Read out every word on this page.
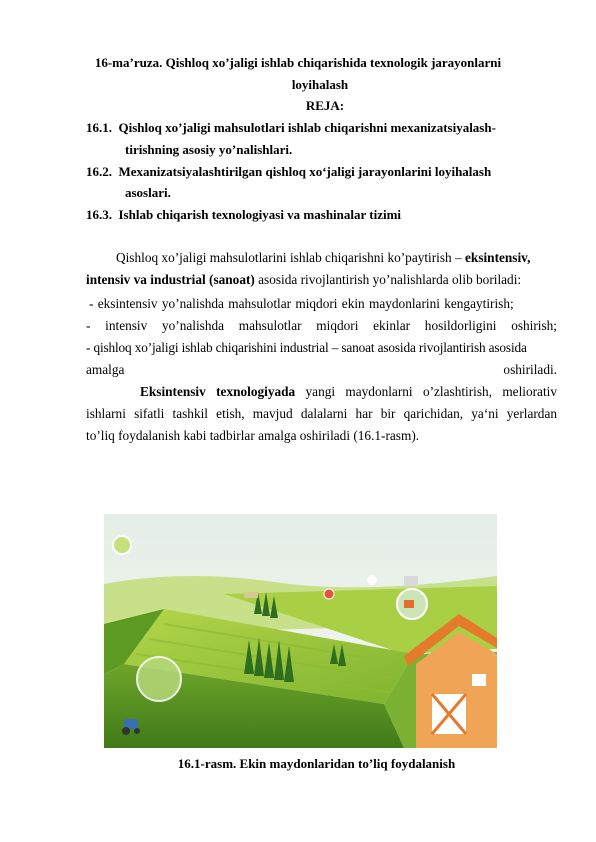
16-ma’ruza. Qishloq xo’jaligi ishlab chiqarishida texnologik jarayonlarni
loyihalash
REJA:
16.1. Qishloq xo’jaligi mahsulotlari ishlab chiqarishni mexanizatsiyalash-
tirishning asosiy yo’nalishlari.
16.2. Mexanizatsiyalashtirilgan qishloq xoʻjaligi jarayonlarini loyihalash
asoslari.
16.3. Ishlab chiqarish texnologiyasi va mashinalar tizimi
Qishloq xo’jaligi mahsulotlarini ishlab chiqarishni ko’paytirish – eksintensiv,
intensiv va industrial (sanoat) asosida rivojlantirish yo’nalishlarda olib boriladi:
- eksintensiv yo’nalishda mahsulotlar miqdori ekin maydonlarini kengaytirish;
- intensiv yo’nalishda mahsulotlar miqdori ekinlar hosildorligini oshirish;
- qishloq xo’jaligi ishlab chiqarishini industrial – sanoat asosida rivojlantirish asosida
amalga oshiriladi.
Eksintensiv texnologiyada yangi maydonlarni o’zlashtirish, meliorativ
ishlarni sifatli tashkil etish, mavjud dalalarni har bir qarichidan, ya‘ni yerlardan
to’liq foydalanish kabi tadbirlar amalga oshiriladi (16.1-rasm).
16.1-rasm. Ekin maydonlaridan to’liq foydalanish
